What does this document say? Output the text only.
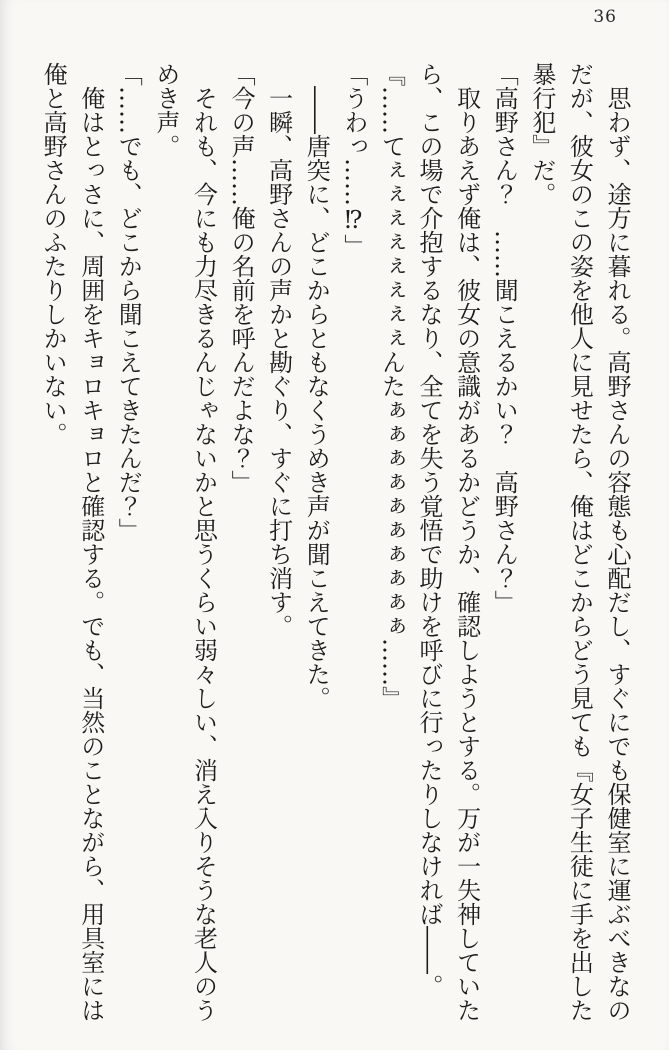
36
思わず、途方に暮れる。高野さんの容態も心配だし、すぐにでも保健室に運ぶべきなの
だが、彼女のこの姿を他人に見せたら、俺はどこからどう見ても『女子生徒に手を出した
暴行犯』だ。
「高野さん？　……聞こえるかい？　高野さん？」
取りあえず俺は、彼女の意識があるかどうか、確認しようとする。万が一失神していた
ら、この場で介抱するなり、全てを失う覚悟で助けを呼びに行ったりしなければ――。
『……てぇぇぇぇぇぇぇぇんたぁぁぁぁぁぁぁぁぁぁ……』
「うわっ……⁉」
――唐突に、どこからともなくうめき声が聞こえてきた。
一瞬、高野さんの声かと勘ぐり、すぐに打ち消す。
「今の声……俺の名前を呼んだよな？」
それも、今にも力尽きるんじゃないかと思うくらい弱々しい、消え入りそうな老人のう
めき声。
「……でも、どこから聞こえてきたんだ？」
俺はとっさに、周囲をキョロキョロと確認する。でも、当然のことながら、用具室には
俺と高野さんのふたりしかいない。
